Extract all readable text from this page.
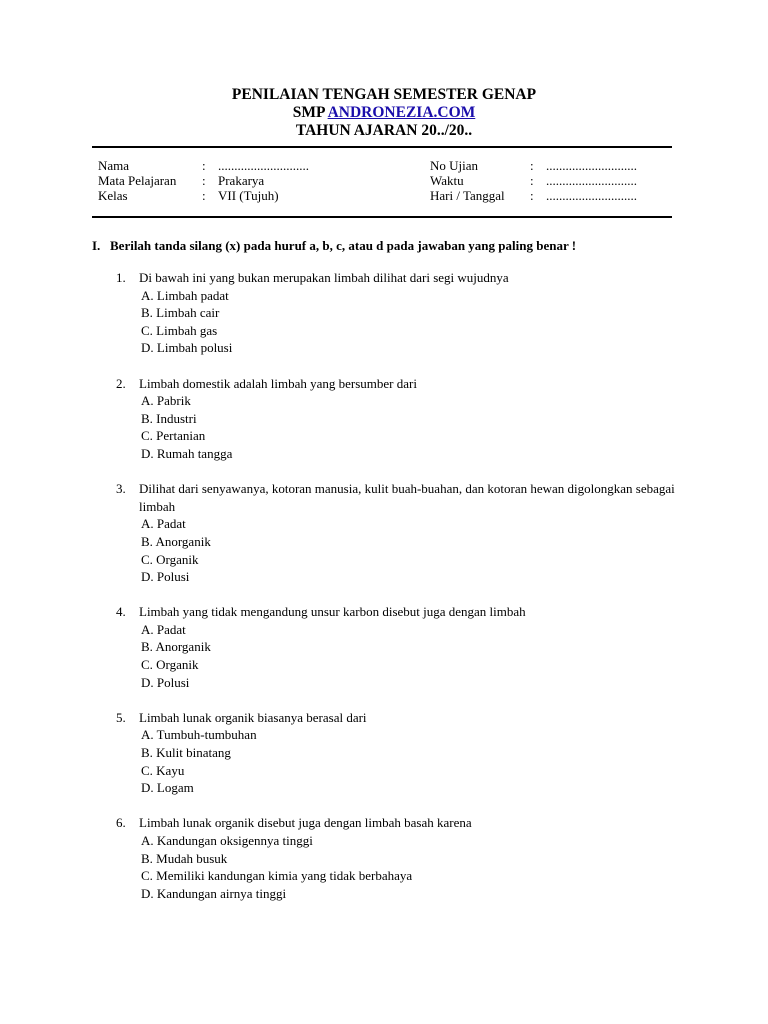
PENILAIAN TENGAH SEMESTER GENAP
SMP ANDRONEZIA.COM
TAHUN AJARAN 20../20..
Nama	: ............................	No Ujian	: ............................
Mata Pelajaran : Prakarya	Waktu	: ............................
Kelas	: VII (Tujuh)	Hari / Tanggal : ............................
I. Berilah tanda silang (x) pada huruf a, b, c, atau d pada jawaban yang paling benar !
1.	Di bawah ini yang bukan merupakan limbah dilihat dari segi wujudnya
A. Limbah padat
B. Limbah cair
C. Limbah gas
D. Limbah polusi
2.	Limbah domestik adalah limbah yang bersumber dari
A. Pabrik
B. Industri
C. Pertanian
D. Rumah tangga
3.	Dilihat dari senyawanya, kotoran manusia, kulit buah-buahan, dan kotoran hewan digolongkan sebagai limbah
A. Padat
B. Anorganik
C. Organik
D. Polusi
4.	Limbah yang tidak mengandung unsur karbon disebut juga dengan limbah
A. Padat
B. Anorganik
C. Organik
D. Polusi
5.	Limbah lunak organik biasanya berasal dari
A. Tumbuh-tumbuhan
B. Kulit binatang
C. Kayu
D. Logam
6.	Limbah lunak organik disebut juga dengan limbah basah karena
A. Kandungan oksigennya tinggi
B. Mudah busuk
C. Memiliki kandungan kimia yang tidak berbahaya
D. Kandungan airnya tinggi
